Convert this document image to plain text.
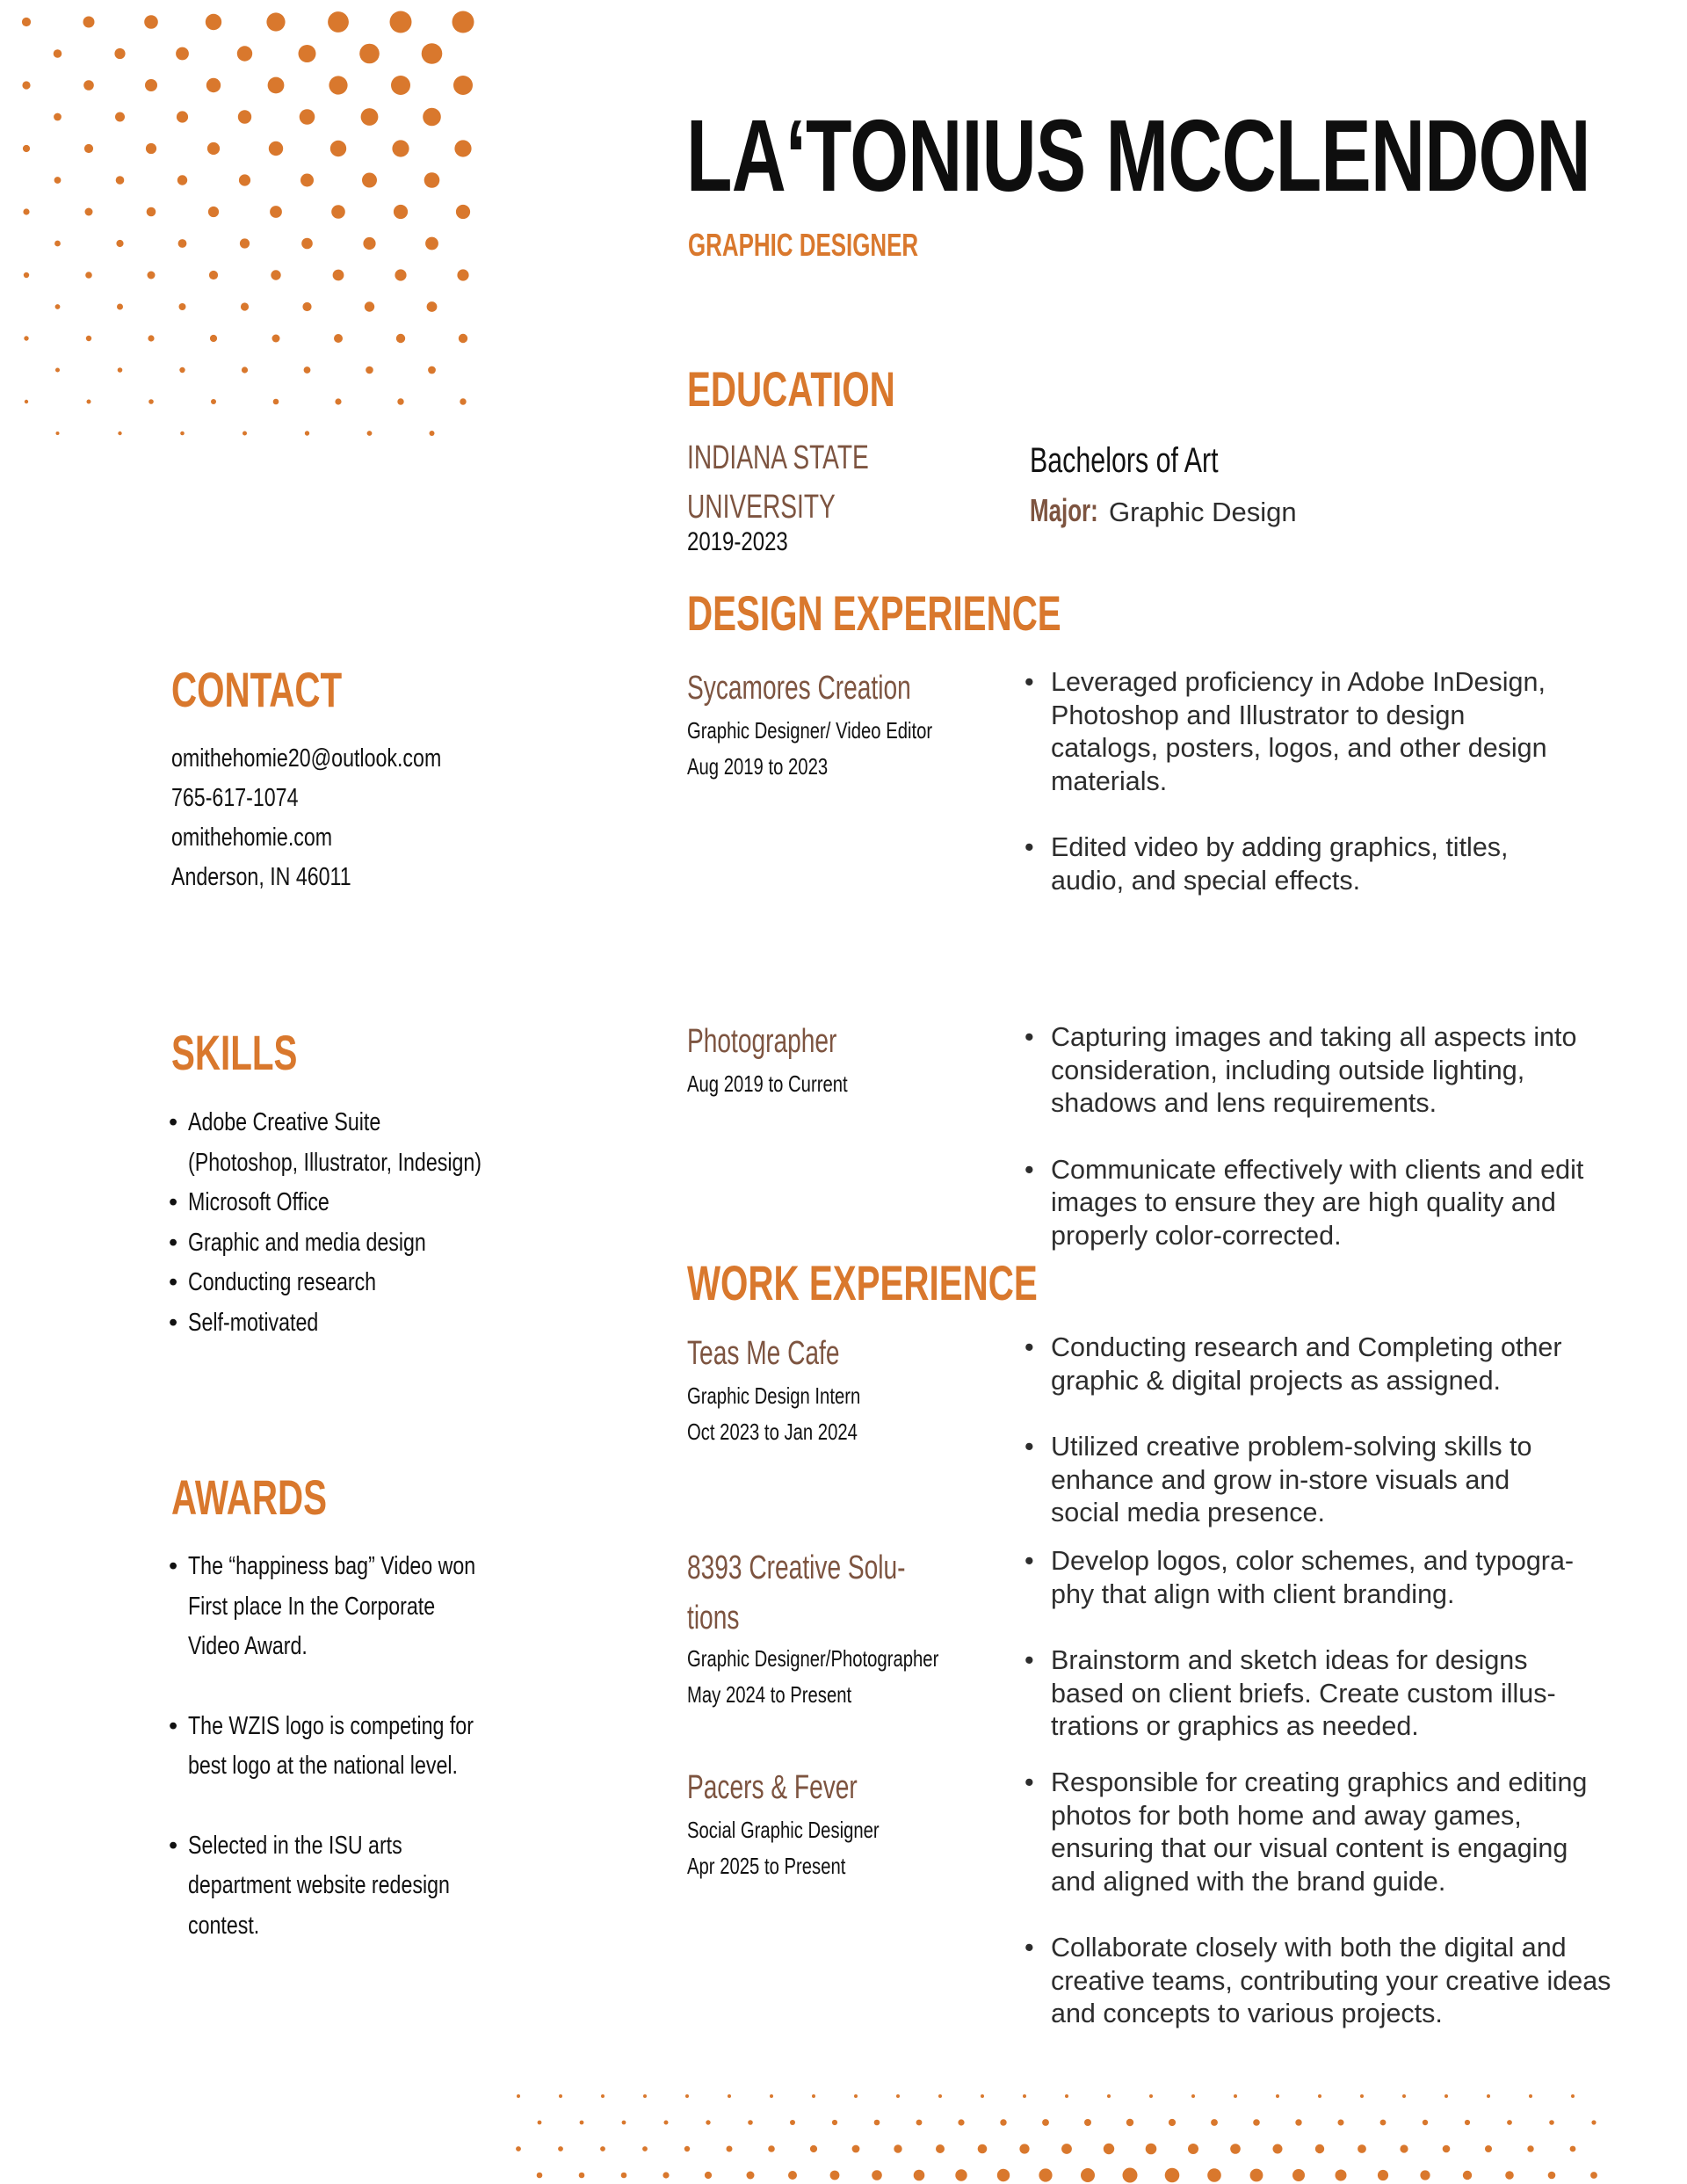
LA‘TONIUS MCCLENDON
GRAPHIC DESIGNER
CONTACT
omithehomie20@outlook.com
765-617-1074
omithehomie.com
Anderson, IN 46011
SKILLS
• Adobe Creative Suite
(Photoshop, Illustrator, Indesign)
• Microsoft Office
• Graphic and media design
• Conducting research
• Self-motivated
AWARDS
• The “happiness bag” Video won
First place In the Corporate
Video Award.
• The WZIS logo is competing for
best logo at the national level.
• Selected in the ISU arts
department website redesign
contest.
EDUCATION
INDIANA STATE
UNIVERSITY
2019-2023
Bachelors of Art
Major: Graphic Design
DESIGN EXPERIENCE
Sycamores Creation
Graphic Designer/ Video Editor
Aug 2019 to 2023
• Leveraged proficiency in Adobe InDesign, Photoshop and Illustrator to design catalogs, posters, logos, and other design materials.
• Edited video by adding graphics, titles, audio, and special effects.
Photographer
Aug 2019 to Current
• Capturing images and taking all aspects into consideration, including outside lighting, shadows and lens requirements.
• Communicate effectively with clients and edit images to ensure they are high quality and properly color-corrected.
WORK EXPERIENCE
Teas Me Cafe
Graphic Design Intern
Oct 2023 to Jan 2024
• Conducting research and Completing other graphic & digital projects as assigned.
• Utilized creative problem-solving skills to enhance and grow in-store visuals and social media presence.
8393 Creative Solu-
tions
Graphic Designer/Photographer
May 2024 to Present
• Develop logos, color schemes, and typogra-phy that align with client branding.
• Brainstorm and sketch ideas for designs based on client briefs. Create custom illus-trations or graphics as needed.
Pacers & Fever
Social Graphic Designer
Apr 2025 to Present
• Responsible for creating graphics and editing photos for both home and away games, ensuring that our visual content is engaging and aligned with the brand guide.
• Collaborate closely with both the digital and creative teams, contributing your creative ideas and concepts to various projects.
